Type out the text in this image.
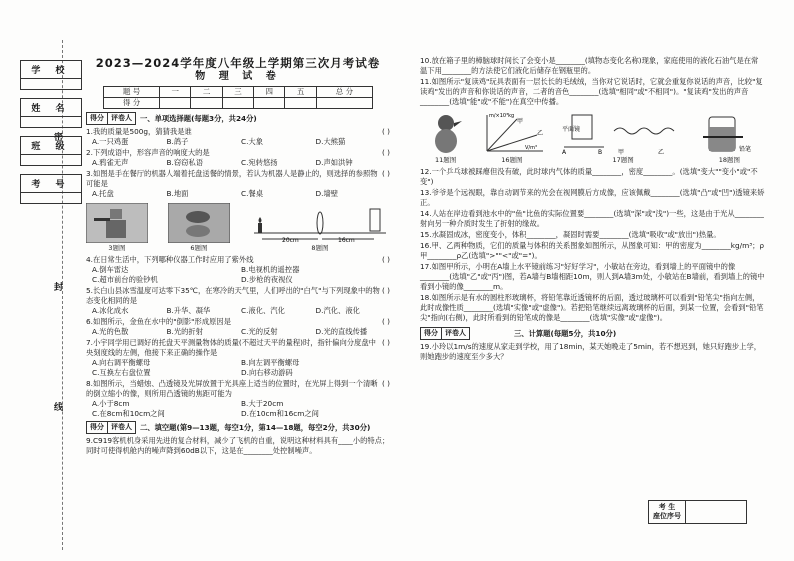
学 校
姓 名
班 级
考 号
密
封
线
2023—2024学年度八年级上学期第三次月考试卷
物 理 试 卷
题 号	一	二	三	四	五	总 分
得 分						
得分	评卷人	一、单项选择题(每题3分，共24分)
( )
1.我的质量是500g，猜猜我是谁
A.一只鸡蛋	B.鸽子	C.大象	D.大熊猫
( )
2.下列成语中，形容声音的响度大的是
A.鸦雀无声	B.窃窃私语	C.宛转悠扬	D.声如洪钟
( )
3.如图是手在餐厅的机器人端着托盘送餐的情景，若认为机器人是静止的，则选择的参照物可能是
A.托盘	B.地面	C.餐桌	D.墙壁
3题图	6题图
20cm	16cm
8题图
( )
4.在日常生活中，下列哪种仪器工作时应用了紫外线
A.倒车雷达	B.电视机的遥控器
C.超市前台的验钞机	D.步枪的夜视仪
( )
5.长白山县冰雪温度可达零下35℃，在寒冷的天气里，人们呼出的"白气"与下列现象中的物态变化相同的是
A.冰化成水	B.升华、凝华	C.液化、汽化	D.汽化、液化
( )
6.如图所示，金鱼在水中的"倒影"形成原因是
A.光的色散	B.光的折射	C.光的反射	D.光的直线传播
( )
7.小宇同学用已调好的托盘天平测量物体的质量(不超过天平的量程)时，指针偏向分度盘中央刻度线的左侧，他接下来正确的操作是
A.向右调平衡螺母	B.向左调平衡螺母
C.互换左右盘位置	D.向右移动游码
( )
8.如图所示，当蜡烛、凸透镜及光屏放置于光具座上适当的位置时，在光屏上得到一个清晰的倒立缩小的像，则所用凸透镜的焦距可能为
A.小于8cm	B.大于20cm
C.在8cm和10cm之间	D.在10cm和16cm之间
得分	评卷人	二、填空题(第9—13题，每空1分，第14—18题，每空2分，共30分)
9.C919客机机身采用先进的复合材料，减少了飞机的自重，说明这种材料具有____小的特点；同时可使得机舱内的噪声降到60dB以下，这是在________处控制噪声。
10.放在箱子里的樟脑球时间长了会变小是________(填物态变化名称)现象，家庭使用的液化石油气是在常温下用________的方法使它们液化后储存在钢瓶里的。
11.如图所示"复读鸡"玩具表面有一层长长的毛绒绒，当你对它说话时，它就会重复你说话的声音，比较"复读鸡"发出的声音和你说话的声音，二者的音色________(选填"相同"或"不相同")。"复读鸡"发出的声音________(选填"能"或"不能")在真空中传播。
11题图
m/×10³kg
V/m³
甲
乙
16题图
平面镜
A	B	甲	乙
17题图
铅笔
18题图
12.一个乒乓球被踩瘪但没有破，此时球内气体的质量________，密度________。(选填"变大""变小"或"不变")
13.爷爷是个远视眼，靠自动调节来的光会在视网膜后方成像，应该佩戴________(选填"凸"或"凹")透镜来矫正。
14.人站在岸边看到池水中的"鱼"比鱼的实际位置要________(选填"深"或"浅")一些，这是由于光从________射向另一种介质时发生了折射的缘故。
15.水凝固成冰，密度变小，体积________，凝固时需要________(选填"吸收"或"放出")热量。
16.甲、乙两种物质，它们的质量与体积的关系图象如图所示，从图象可知：甲的密度为________kg/m³；ρ甲________ρ乙(选填">""<"或"=")。
17.如图甲所示，小明在A墙上水平镜前练习"好好学习"，小敏站在旁边，看到墙上的平面镜中的像________(选填"乙"或"丙")图，若A墙与B墙相距10m，则人到A墙3m处，小敏站在B墙前，看到墙上的镜中看到小镜的像________m。
18.如图所示是有水的圆柱形玻璃杯，将铅笔靠近透镜杯的后面，透过玻璃杯可以看到"铅笔尖"指向左侧，此时成像性质________(选填"实像"或"虚像")。若把铅笔继续远离玻璃杯的后面，到某一位置，会看到"铅笔尖"指向(右侧)，此时所看到的铅笔成的像是________(选填"实像"或"虚像")。
得分	评卷人	三、计算题(每题5分，共10分)
19.小玲以1m/s的速度从家走到学校，用了18min，某天她晚走了5min，若不想迟到，她只好跑步上学，则她跑步的速度至少多大？
考 生
座位序号
